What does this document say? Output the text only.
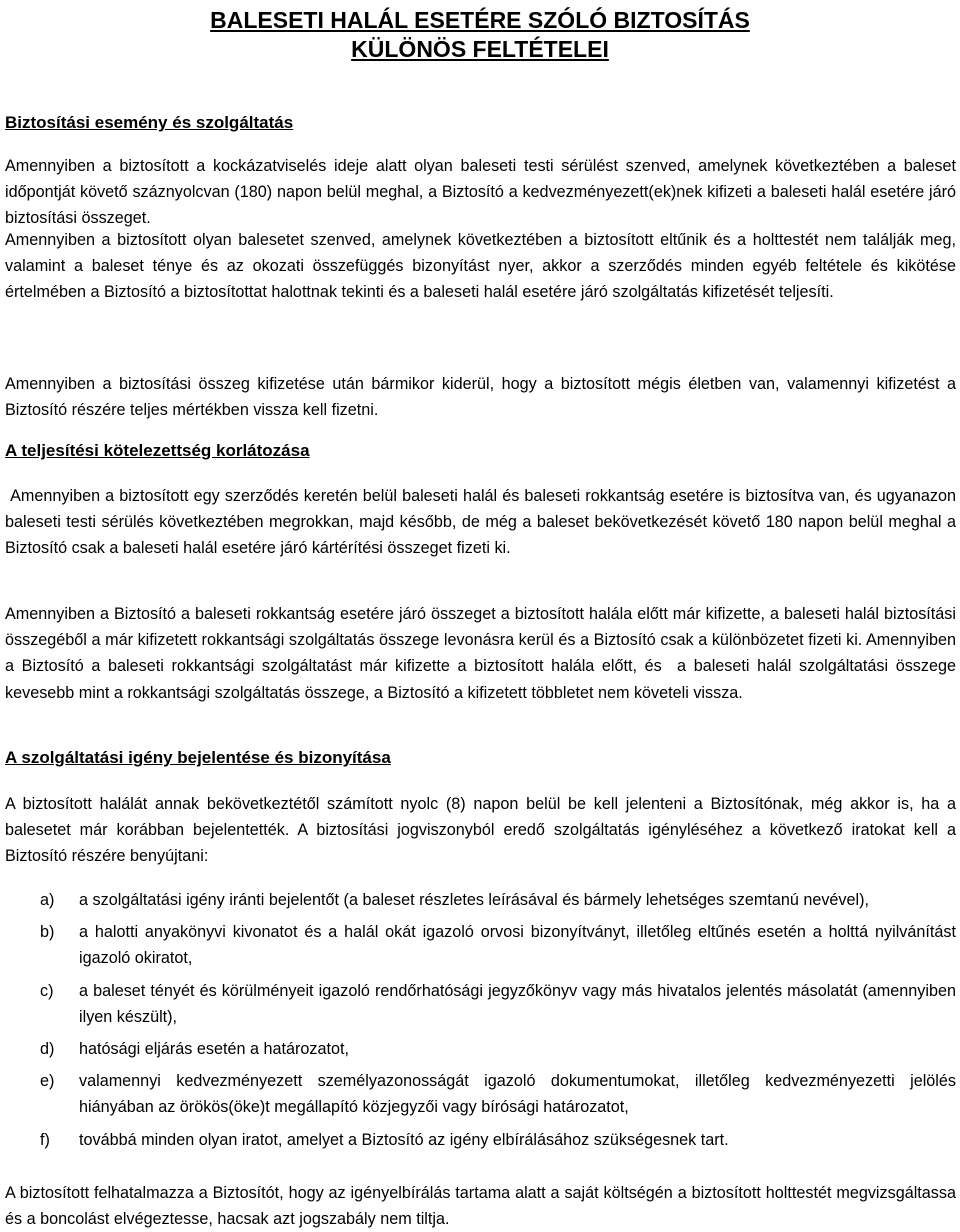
BALESETI HALÁL ESETÉRE SZÓLÓ BIZTOSÍTÁS
KÜLÖNÖS FELTÉTELEI
Biztosítási esemény és szolgáltatás

Amennyiben a biztosított a kockázatviselés ideje alatt olyan baleseti testi sérülést szenved, amelynek következtében a baleset időpontját követő száznyolcvan (180) napon belül meghal, a Biztosító a kedvezményezett(ek)nek kifizeti a baleseti halál esetére járó biztosítási összeget.

Amennyiben a biztosított olyan balesetet szenved, amelynek következtében a biztosított eltűnik és a holttestét nem találják meg, valamint a baleset ténye és az okozati összefüggés bizonyítást nyer, akkor a szerződés minden egyéb feltétele és kikötése értelmében a Biztosító a biztosítottat halottnak tekinti és a baleseti halál esetére járó szolgáltatás kifizetését teljesíti.

Amennyiben a biztosítási összeg kifizetése után bármikor kiderül, hogy a biztosított mégis életben van, valamennyi kifizetést a Biztosító részére teljes mértékben vissza kell fizetni.

A teljesítési kötelezettség korlátozása

Amennyiben a biztosított egy szerződés keretén belül baleseti halál és baleseti rokkantság esetére is biztosítva van, és ugyanazon baleseti testi sérülés következtében megrokkan, majd később, de még a baleset bekövetkezését követő 180 napon belül meghal a Biztosító csak a baleseti halál esetére járó kártérítési összeget fizeti ki.

Amennyiben a Biztosító a baleseti rokkantság esetére járó összeget a biztosított halála előtt már kifizette, a baleseti halál biztosítási összegéből a már kifizetett rokkantsági szolgáltatás összege levonásra kerül és a Biztosító csak a különbözetet fizeti ki. Amennyiben a Biztosító a baleseti rokkantsági szolgáltatást már kifizette a biztosított halála előtt, és  a baleseti halál szolgáltatási összege kevesebb mint a rokkantsági szolgáltatás összege, a Biztosító a kifizetett többletet nem követeli vissza.

A szolgáltatási igény bejelentése és bizonyítása

A biztosított halálát annak bekövetkeztétől számított nyolc (8) napon belül be kell jelenteni a Biztosítónak, még akkor is, ha a balesetet már korábban bejelentették. A biztosítási jogviszonyból eredő szolgáltatás igényléséhez a következő iratokat kell a Biztosító részére benyújtani:

a) a szolgáltatási igény iránti bejelentőt (a baleset részletes leírásával és bármely lehetséges szemtanú nevével),
b) a halotti anyakönyvi kivonatot és a halál okát igazoló orvosi bizonyítványt, illetőleg eltűnés esetén a holttá nyilvánítást igazoló okiratot,
c) a baleset tényét és körülményeit igazoló rendőrhatósági jegyzőkönyv vagy más hivatalos jelentés másolatát (amennyiben ilyen készült),
d) hatósági eljárás esetén a határozatot,
e) valamennyi kedvezményezett személyazonosságát igazoló dokumentumokat, illetőleg kedvezményezetti jelölés hiányában az örökös(öke)t megállapító közjegyzői vagy bírósági határozatot,
f) továbbá minden olyan iratot, amelyet a Biztosító az igény elbírálásához szükségesnek tart.

A biztosított felhatalmazza a Biztosítót, hogy az igényelbírálás tartama alatt a saját költségén a biztosított holttestét megvizsgáltassa és a boncolást elvégeztesse, hacsak azt jogszabály nem tiltja.
